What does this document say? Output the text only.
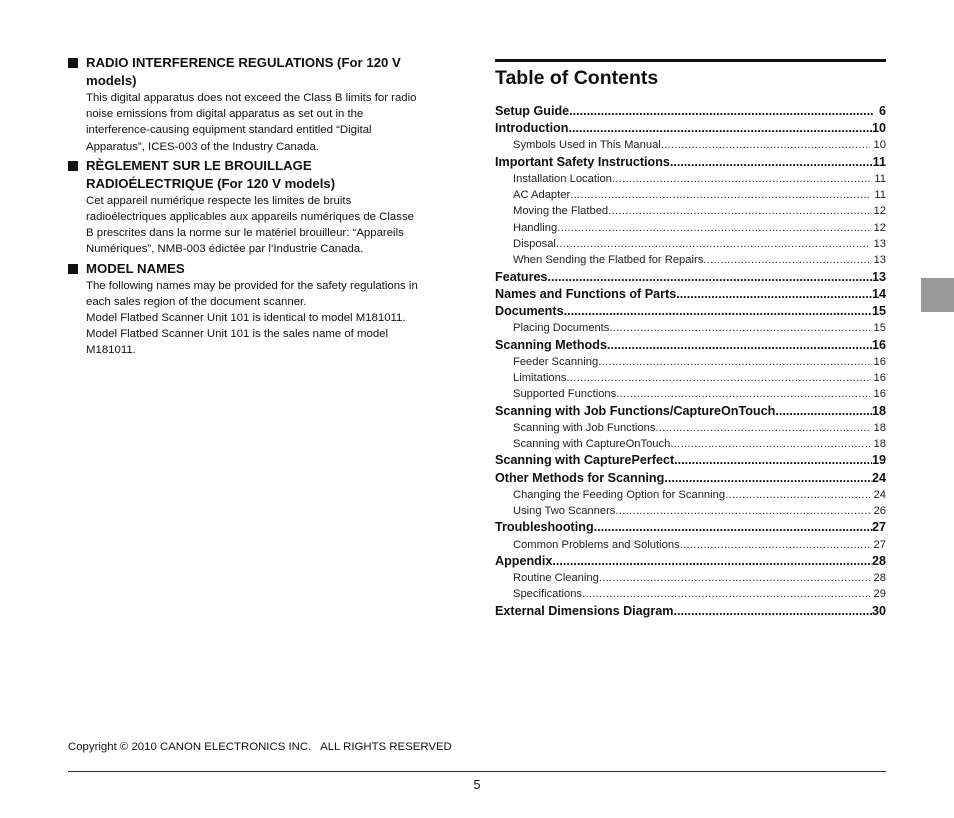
RADIO INTERFERENCE REGULATIONS (For 120 V
models)
This digital apparatus does not exceed the Class B limits for radio
noise emissions from digital apparatus as set out in the
interference-causing equipment standard entitled “Digital
Apparatus”, ICES-003 of the Industry Canada.
RÈGLEMENT SUR LE BROUILLAGE
RADIOÉLECTRIQUE (For 120 V models)
Cet appareil numérique respecte les limites de bruits
radioélectriques applicables aux appareils numériques de Classe
B prescrites dans la norme sur le matériel brouilleur: “Appareils
Numériques”, NMB-003 édictée par l’Industrie Canada.
MODEL NAMES
The following names may be provided for the safety regulations in
each sales region of the document scanner.
Model Flatbed Scanner Unit 101 is identical to model M181011.
Model Flatbed Scanner Unit 101 is the sales name of model
M181011.
Table of Contents
Setup Guide .....	6
Introduction .....	10
Symbols Used in This Manual .....	10
Important Safety Instructions .....	11
Installation Location .....	11
AC Adapter .....	11
Moving the Flatbed .....	12
Handling .....	12
Disposal .....	13
When Sending the Flatbed for Repairs .....	13
Features .....	13
Names and Functions of Parts .....	14
Documents .....	15
Placing Documents .....	15
Scanning Methods .....	16
Feeder Scanning .....	16
Limitations .....	16
Supported Functions .....	16
Scanning with Job Functions/CaptureOnTouch .....	18
Scanning with Job Functions .....	18
Scanning with CaptureOnTouch .....	18
Scanning with CapturePerfect .....	19
Other Methods for Scanning .....	24
Changing the Feeding Option for Scanning .....	24
Using Two Scanners .....	26
Troubleshooting .....	27
Common Problems and Solutions .....	27
Appendix .....	28
Routine Cleaning .....	28
Specifications .....	29
External Dimensions Diagram .....	30
Copyright © 2010 CANON ELECTRONICS INC.   ALL RIGHTS RESERVED
5
